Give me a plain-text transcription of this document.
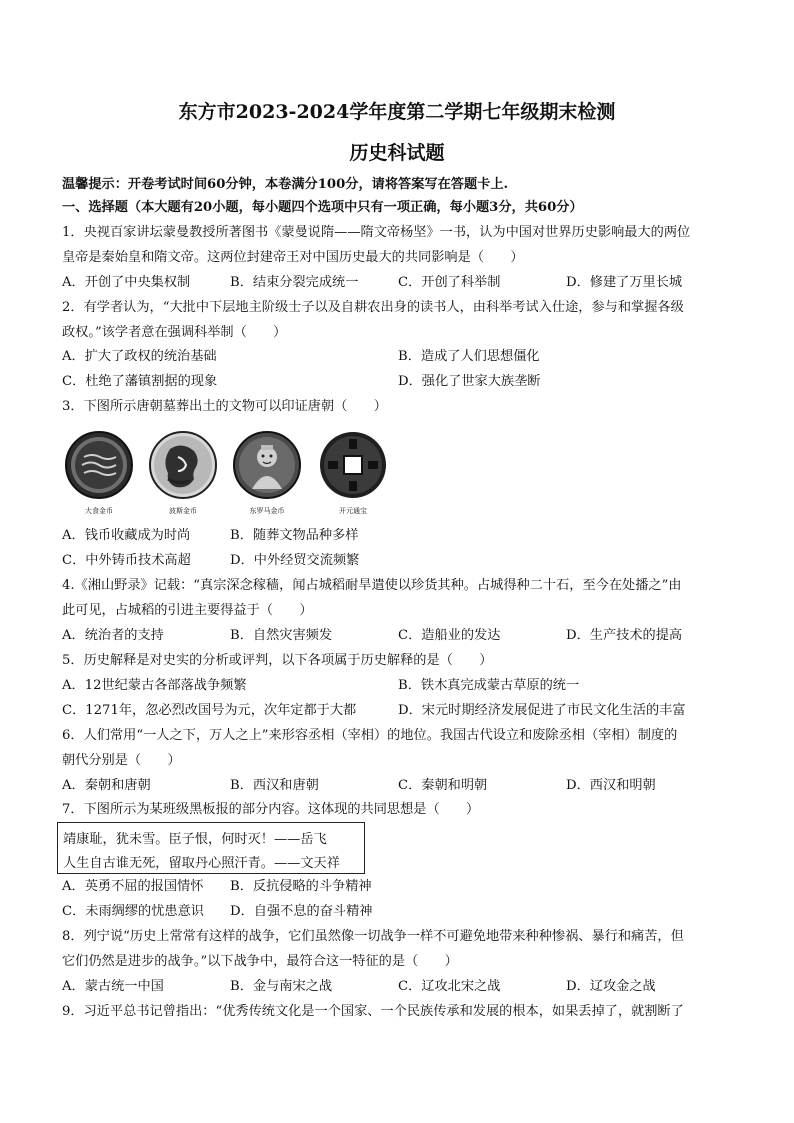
东方市2023-2024学年度第二学期七年级期末检测
历史科试题
温馨提示：开卷考试时间60分钟，本卷满分100分，请将答案写在答题卡上.
一、选择题（本大题有20小题，每小题四个选项中只有一项正确，每小题3分，共60分）
1．央视百家讲坛蒙曼教授所著图书《蒙曼说隋——隋文帝杨坚》一书，认为中国对世界历史影响最大的两位
皇帝是秦始皇和隋文帝。这两位封建帝王对中国历史最大的共同影响是（　　）
A．开创了中央集权制	B．结束分裂完成统一	C．开创了科举制	D．修建了万里长城
2．有学者认为，“大批中下层地主阶级士子以及自耕农出身的读书人，由科举考试入仕途，参与和掌握各级
政权。”该学者意在强调科举制（　　）
A．扩大了政权的统治基础	B．造成了人们思想僵化
C．杜绝了藩镇割据的现象	D．强化了世家大族垄断
3．下图所示唐朝墓葬出土的文物可以印证唐朝（　　）
大食金币	波斯金币	东罗马金币	开元通宝
A．钱币收藏成为时尚	B．随葬文物品种多样
C．中外铸币技术高超	D．中外经贸交流频繁
4.《湘山野录》记载：“真宗深念稼穑，闻占城稻耐旱遣使以珍货其种。占城得种二十石，至今在处播之”由
此可见，占城稻的引进主要得益于（　　）
A．统治者的支持	B．自然灾害频发	C．造船业的发达	D．生产技术的提高
5．历史解释是对史实的分析或评判，以下各项属于历史解释的是（　　）
A．12世纪蒙古各部落战争频繁	B．铁木真完成蒙古草原的统一
C．1271年，忽必烈改国号为元，次年定都于大都	D．宋元时期经济发展促进了市民文化生活的丰富
6．人们常用“一人之下，万人之上”来形容丞相（宰相）的地位。我国古代设立和废除丞相（宰相）制度的
朝代分别是（　　）
A．秦朝和唐朝	B．西汉和唐朝	C．秦朝和明朝	D．西汉和明朝
7．下图所示为某班级黑板报的部分内容。这体现的共同思想是（　　）
靖康耻，犹未雪。臣子恨，何时灭！——岳飞
人生自古谁无死，留取丹心照汗青。——文天祥
A．英勇不屈的报国情怀 B．反抗侵略的斗争精神
C．未雨绸缪的忧患意识 D．自强不息的奋斗精神
8．列宁说“历史上常常有这样的战争，它们虽然像一切战争一样不可避免地带来种种惨祸、暴行和痛苦，但
它们仍然是进步的战争。”以下战争中，最符合这一特征的是（　　）
A．蒙古统一中国	B．金与南宋之战	C．辽攻北宋之战	D．辽攻金之战
9．习近平总书记曾指出：“优秀传统文化是一个国家、一个民族传承和发展的根本，如果丢掉了，就割断了
